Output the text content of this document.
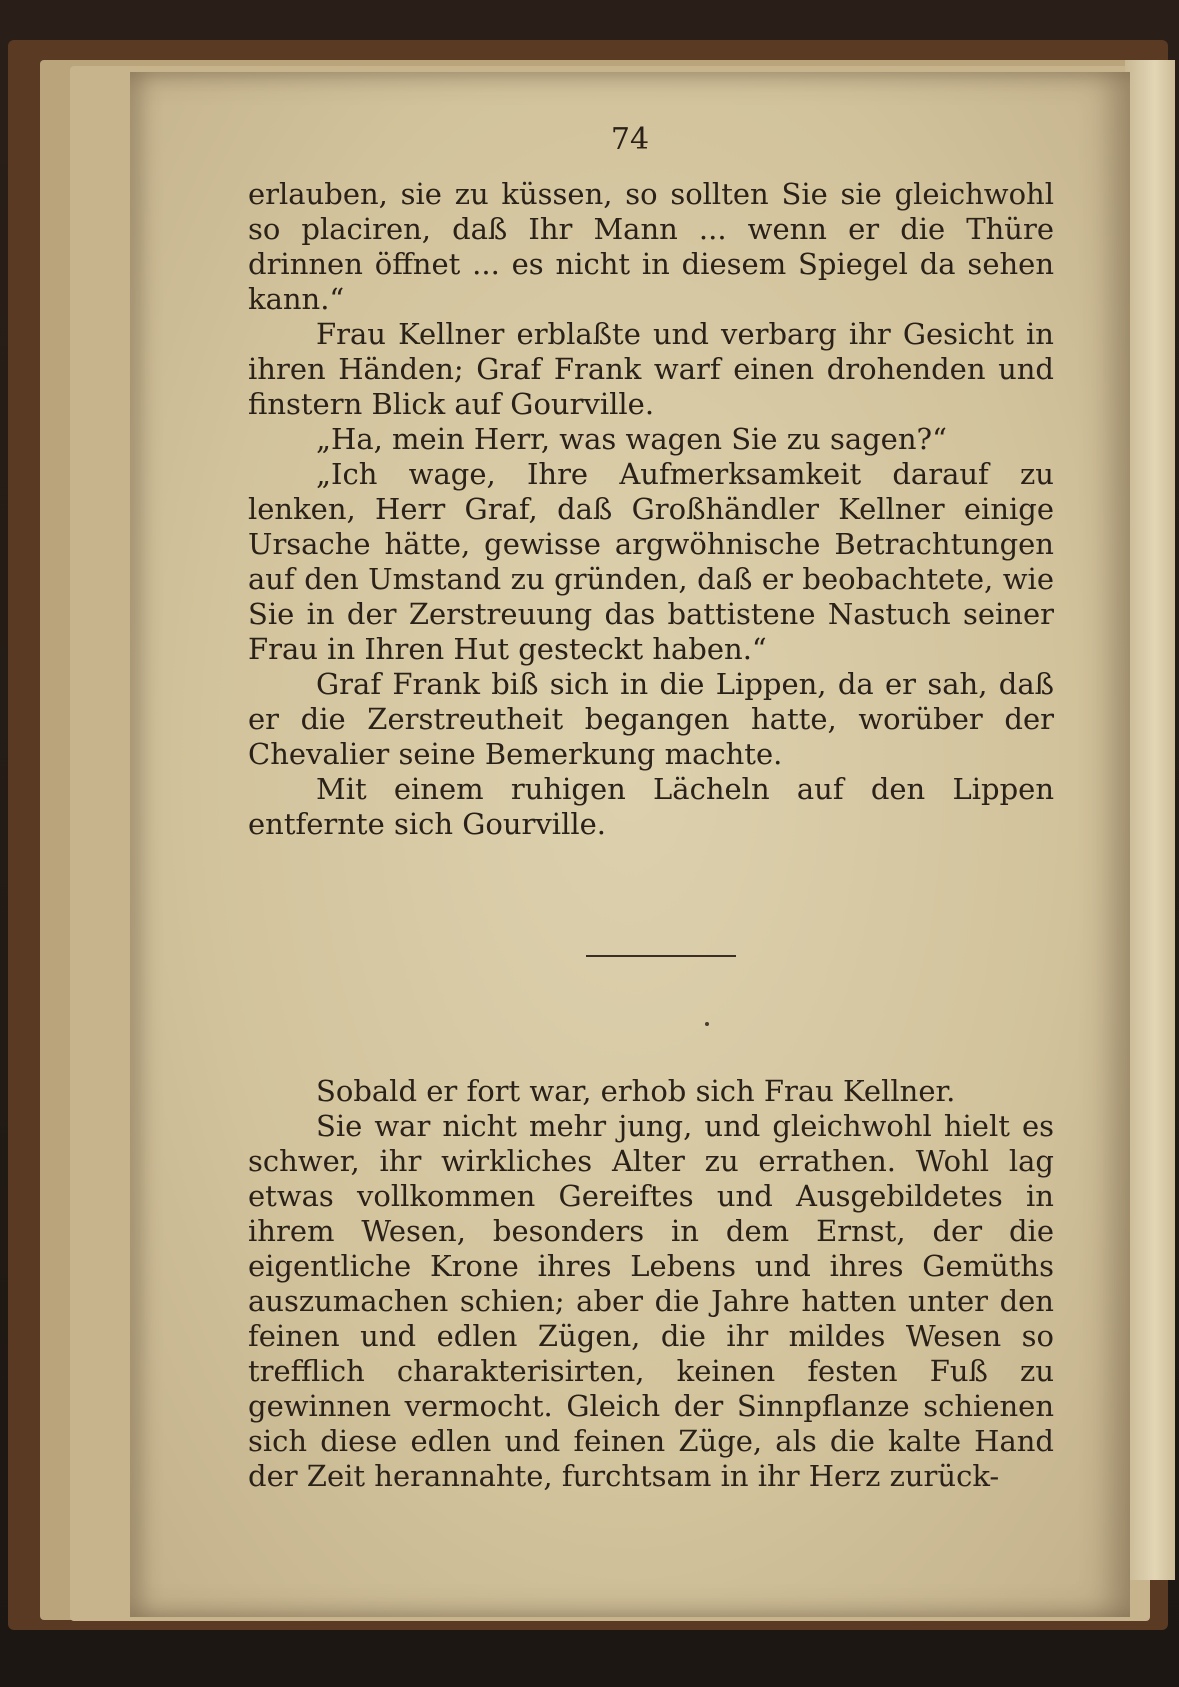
74

erlauben, sie zu küssen, so sollten Sie sie gleichwohl so placiren, daß Ihr Mann ... wenn er die Thüre drinnen öffnet ... es nicht in diesem Spiegel da sehen kann.“

Frau Kellner erblaßte und verbarg ihr Gesicht in ihren Händen; Graf Frank warf einen drohenden und finstern Blick auf Gourville.

„Ha, mein Herr, was wagen Sie zu sagen?“

„Ich wage, Ihre Aufmerksamkeit darauf zu lenken, Herr Graf, daß Großhändler Kellner einige Ursache hätte, gewisse argwöhnische Betrachtungen auf den Umstand zu gründen, daß er beobachtete, wie Sie in der Zerstreuung das battistene Nastuch seiner Frau in Ihren Hut gesteckt haben.“

Graf Frank biß sich in die Lippen, da er sah, daß er die Zerstreutheit begangen hatte, worüber der Chevalier seine Bemerkung machte.

Mit einem ruhigen Lächeln auf den Lippen entfernte sich Gourville.

Sobald er fort war, erhob sich Frau Kellner.

Sie war nicht mehr jung, und gleichwohl hielt es schwer, ihr wirkliches Alter zu errathen. Wohl lag etwas vollkommen Gereiftes und Ausgebildetes in ihrem Wesen, besonders in dem Ernst, der die eigentliche Krone ihres Lebens und ihres Gemüths auszumachen schien; aber die Jahre hatten unter den feinen und edlen Zügen, die ihr mildes Wesen so trefflich charakterisirten, keinen festen Fuß zu gewinnen vermocht. Gleich der Sinnpflanze schienen sich diese edlen und feinen Züge, als die kalte Hand der Zeit herannahte, furchtsam in ihr Herz zurück-
